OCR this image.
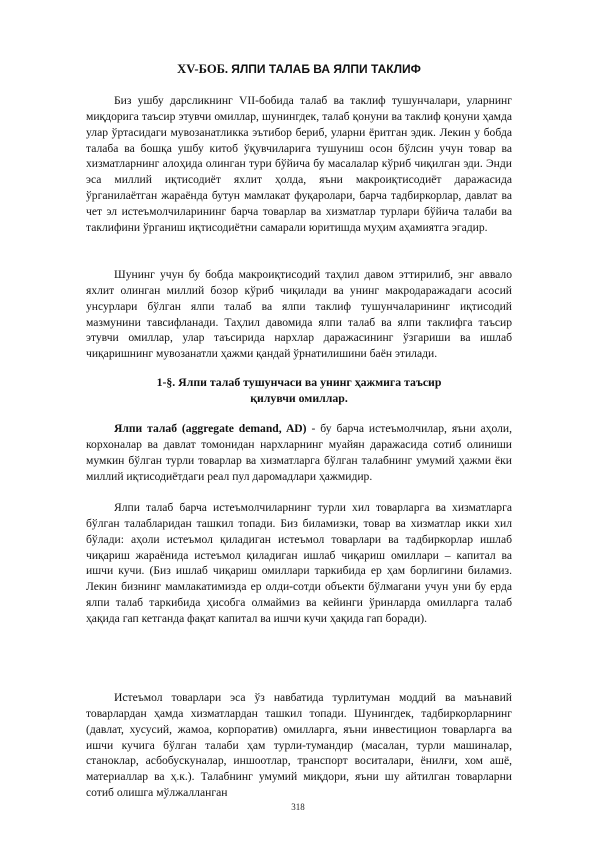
XV-БОБ. ЯЛПИ ТАЛАБ ВА ЯЛПИ ТАКЛИФ

Биз ушбу дарсликнинг VII-бобида талаб ва таклиф тушунчалари, уларнинг миқдорига таъсир этувчи омиллар, шунингдек, талаб қонуни ва таклиф қонуни ҳамда улар ўртасидаги мувозанатликка эътибор бериб, уларни ёритган эдик. Лекин у бобда талаба ва бошқа ушбу китоб ўқувчиларига тушуниш осон бўлсин учун товар ва хизматларнинг алоҳида олинган тури бўйича бу масалалар кўриб чиқилган эди. Энди эса миллий иқтисодиёт яхлит ҳолда, яъни макроиқтисодиёт даражасида ўрганилаётган жараёнда бутун мамлакат фуқаролари, барча тадбиркорлар, давлат ва чет эл истеъмолчиларининг барча товарлар ва хизматлар турлари бўйича талаби ва таклифини ўрганиш иқтисодиётни самарали юритишда муҳим аҳамиятга эгадир.

Шунинг учун бу бобда макроиқтисодий таҳлил давом эттирилиб, энг аввало яхлит олинган миллий бозор кўриб чиқилади ва унинг макродаражадаги асосий унсурлари бўлган ялпи талаб ва ялпи таклиф тушунчаларининг иқтисодий мазмунини тавсифланади. Таҳлил давомида ялпи талаб ва ялпи таклифга таъсир этувчи омиллар, улар таъсирида нархлар даражасининг ўзгариши ва ишлаб чиқаришнинг мувозанатли ҳажми қандай ўрнатилишини баён этилади.

1-§. Ялпи талаб тушунчаси ва унинг ҳажмига таъсир
қилувчи омиллар.

Ялпи талаб (aggregate demand, AD) - бу барча истеъмолчилар, яъни аҳоли, корхоналар ва давлат томонидан нархларнинг муайян даражасида сотиб олиниши мумкин бўлган турли товарлар ва хизматларга бўлган талабнинг умумий ҳажми ёки миллий иқтисодиётдаги реал пул даромадлари ҳажмидир.

Ялпи талаб барча истеъмолчиларнинг турли хил товарларга ва хизматларга бўлган талабларидан ташкил топади. Биз биламизки, товар ва хизматлар икки хил бўлади: аҳоли истеъмол қиладиган истеъмол товарлари ва тадбиркорлар ишлаб чиқариш жараёнида истеъмол қиладиган ишлаб чиқариш омиллари – капитал ва ишчи кучи. (Биз ишлаб чиқариш омиллари таркибида ер ҳам борлигини биламиз. Лекин бизнинг мамлакатимизда ер олди-сотди объекти бўлмагани учун уни бу ерда ялпи талаб таркибида ҳисобга олмаймиз ва кейинги ўринларда омилларга талаб ҳақида гап кетганда фақат капитал ва ишчи кучи ҳақида гап боради).

Истеъмол товарлари эса ўз навбатида турлитуман моддий ва маънавий товарлардан ҳамда хизматлардан ташкил топади. Шунингдек, тадбиркорларнинг (давлат, хусусий, жамоа, корпоратив) омилларга, яъни инвестицион товарларга ва ишчи кучига бўлган талаби ҳам турли-тумандир (масалан, турли машиналар, станоклар, асбобускуналар, иншоотлар, транспорт воситалари, ёнилғи, хом ашё, материаллар ва ҳ.к.). Талабнинг умумий миқдори, яъни шу айтилган товарларни сотиб олишга мўлжалланган

318
